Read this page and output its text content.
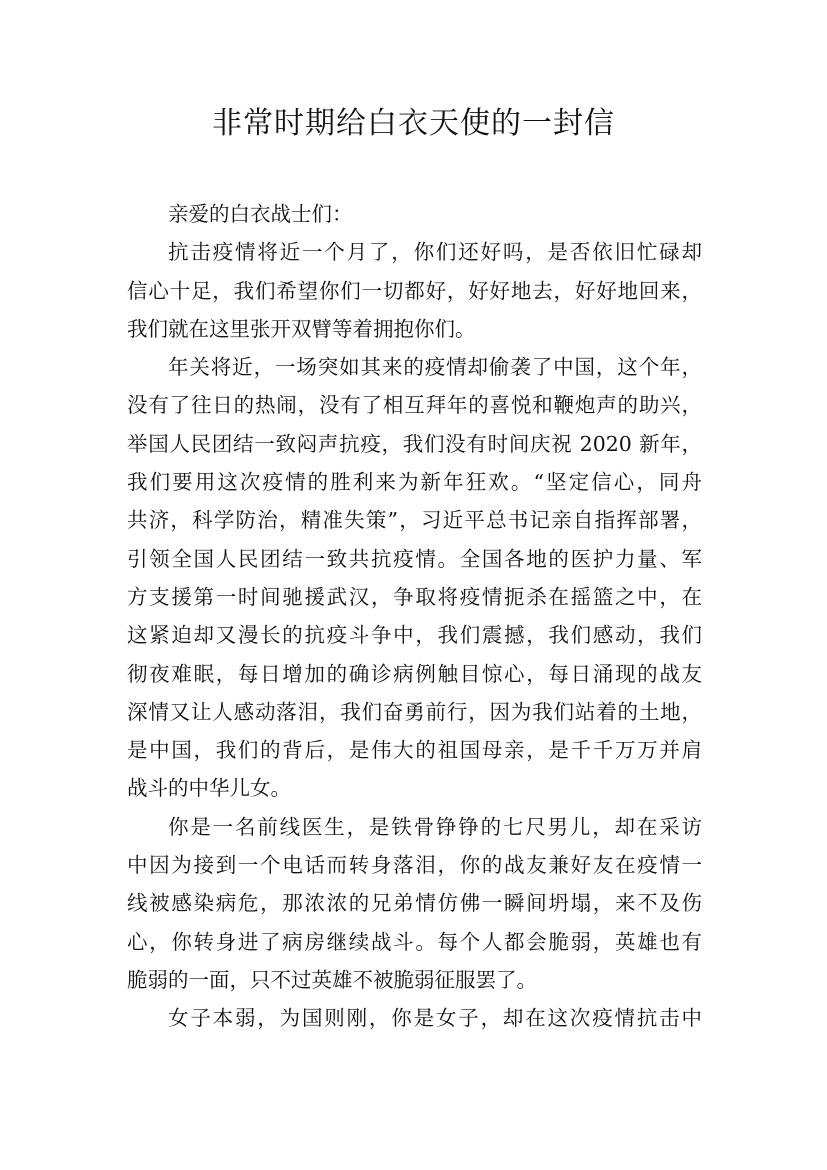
非常时期给白衣天使的一封信
亲爱的白衣战士们：
抗击疫情将近一个月了，你们还好吗，是否依旧忙碌却
信心十足，我们希望你们一切都好，好好地去，好好地回来，
我们就在这里张开双臂等着拥抱你们。
年关将近，一场突如其来的疫情却偷袭了中国，这个年，
没有了往日的热闹，没有了相互拜年的喜悦和鞭炮声的助兴，
举国人民团结一致闷声抗疫，我们没有时间庆祝 2020 新年，
我们要用这次疫情的胜利来为新年狂欢。“坚定信心，同舟
共济，科学防治，精准失策”，习近平总书记亲自指挥部署，
引领全国人民团结一致共抗疫情。全国各地的医护力量、军
方支援第一时间驰援武汉，争取将疫情扼杀在摇篮之中，在
这紧迫却又漫长的抗疫斗争中，我们震撼，我们感动，我们
彻夜难眠，每日增加的确诊病例触目惊心，每日涌现的战友
深情又让人感动落泪，我们奋勇前行，因为我们站着的土地，
是中国，我们的背后，是伟大的祖国母亲，是千千万万并肩
战斗的中华儿女。
你是一名前线医生，是铁骨铮铮的七尺男儿，却在采访
中因为接到一个电话而转身落泪，你的战友兼好友在疫情一
线被感染病危，那浓浓的兄弟情仿佛一瞬间坍塌，来不及伤
心，你转身进了病房继续战斗。每个人都会脆弱，英雄也有
脆弱的一面，只不过英雄不被脆弱征服罢了。
女子本弱，为国则刚，你是女子，却在这次疫情抗击中
